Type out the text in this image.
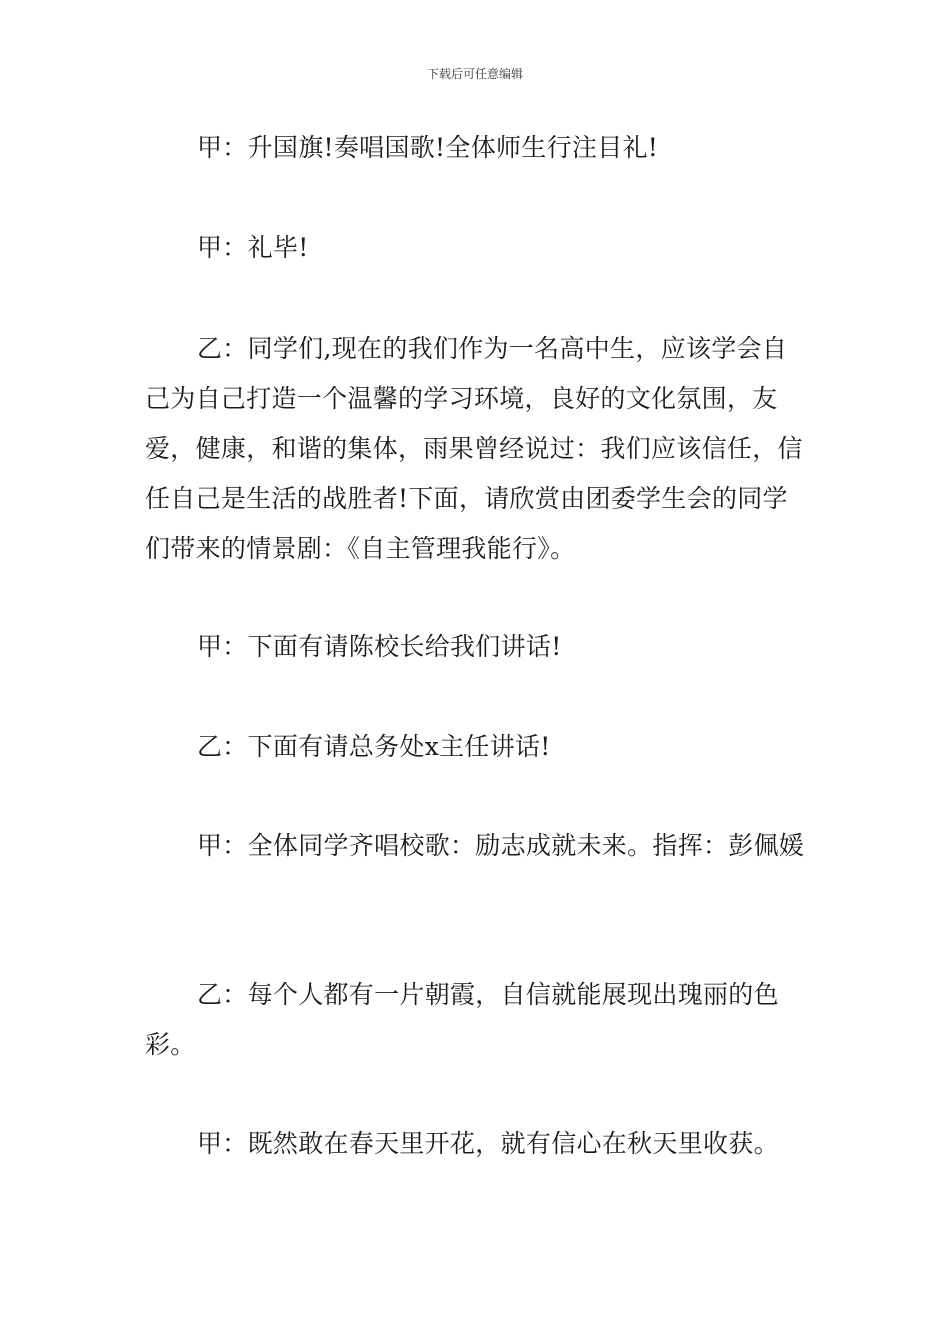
下载后可任意编辑

甲：升国旗!奏唱国歌!全体师生行注目礼!

甲：礼毕!

乙：同学们,现在的我们作为一名高中生，应该学会自己为自己打造一个温馨的学习环境，良好的文化氛围，友爱，健康，和谐的集体，雨果曾经说过：我们应该信任，信任自己是生活的战胜者!下面，请欣赏由团委学生会的同学们带来的情景剧：《自主管理我能行》。

甲：下面有请陈校长给我们讲话!

乙：下面有请总务处x主任讲话!

甲：全体同学齐唱校歌：励志成就未来。指挥：彭佩媛

乙：每个人都有一片朝霞，自信就能展现出瑰丽的色彩。

甲：既然敢在春天里开花，就有信心在秋天里收获。
